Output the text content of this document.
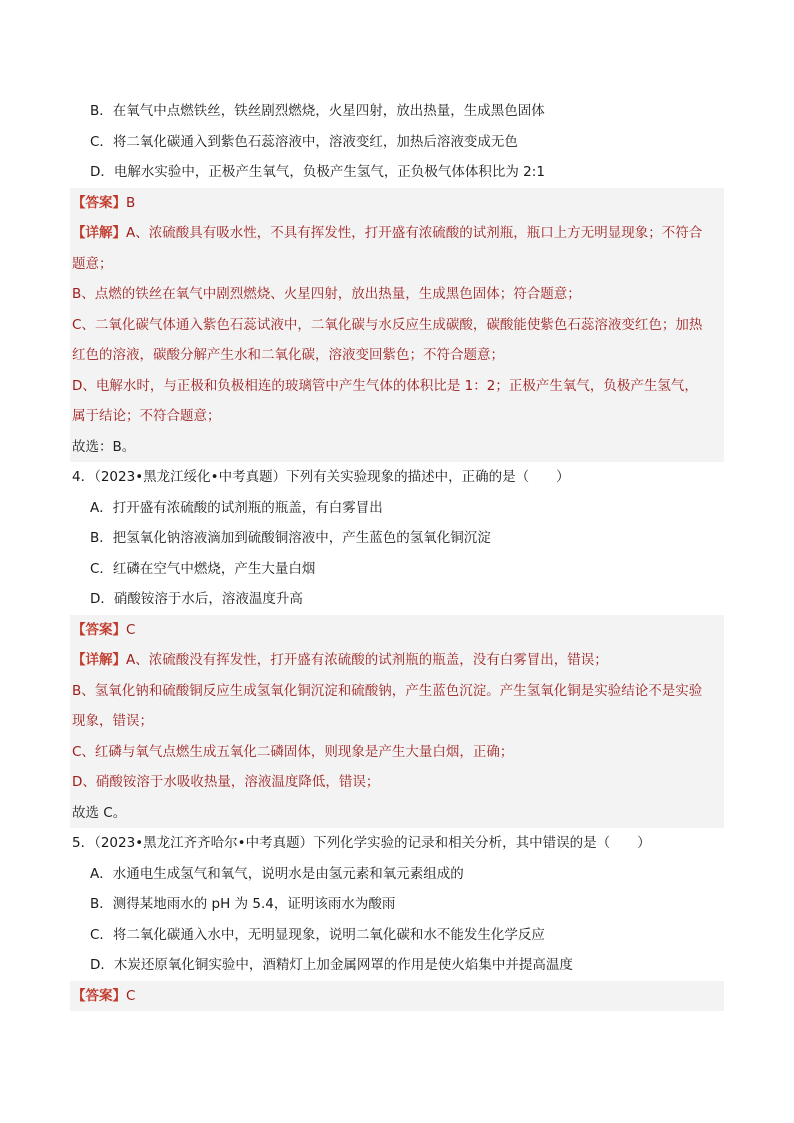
B．在氧气中点燃铁丝，铁丝剧烈燃烧，火星四射，放出热量，生成黑色固体
C．将二氧化碳通入到紫色石蕊溶液中，溶液变红，加热后溶液变成无色
D．电解水实验中，正极产生氧气，负极产生氢气，正负极气体体积比为 2:1
【答案】B
【详解】A、浓硫酸具有吸水性，不具有挥发性，打开盛有浓硫酸的试剂瓶，瓶口上方无明显现象；不符合
题意；
B、点燃的铁丝在氧气中剧烈燃烧、火星四射，放出热量，生成黑色固体；符合题意；
C、二氧化碳气体通入紫色石蕊试液中，二氧化碳与水反应生成碳酸，碳酸能使紫色石蕊溶液变红色；加热
红色的溶液，碳酸分解产生水和二氧化碳，溶液变回紫色；不符合题意；
D、电解水时，与正极和负极相连的玻璃管中产生气体的体积比是 1：2；正极产生氧气，负极产生氢气，
属于结论；不符合题意；
故选：B。
4．（2023•黑龙江绥化•中考真题）下列有关实验现象的描述中，正确的是（　　）
A．打开盛有浓硫酸的试剂瓶的瓶盖，有白雾冒出
B．把氢氧化钠溶液滴加到硫酸铜溶液中，产生蓝色的氢氧化铜沉淀
C．红磷在空气中燃烧，产生大量白烟
D．硝酸铵溶于水后，溶液温度升高
【答案】C
【详解】A、浓硫酸没有挥发性，打开盛有浓硫酸的试剂瓶的瓶盖，没有白雾冒出，错误；
B、氢氧化钠和硫酸铜反应生成氢氧化铜沉淀和硫酸钠，产生蓝色沉淀。产生氢氧化铜是实验结论不是实验
现象，错误；
C、红磷与氧气点燃生成五氧化二磷固体，则现象是产生大量白烟，正确；
D、硝酸铵溶于水吸收热量，溶液温度降低，错误；
故选 C。
5．（2023•黑龙江齐齐哈尔•中考真题）下列化学实验的记录和相关分析，其中错误的是（　　）
A．水通电生成氢气和氧气，说明水是由氢元素和氧元素组成的
B．测得某地雨水的 pH 为 5.4，证明该雨水为酸雨
C．将二氧化碳通入水中，无明显现象，说明二氧化碳和水不能发生化学反应
D．木炭还原氧化铜实验中，酒精灯上加金属网罩的作用是使火焰集中并提高温度
【答案】C
